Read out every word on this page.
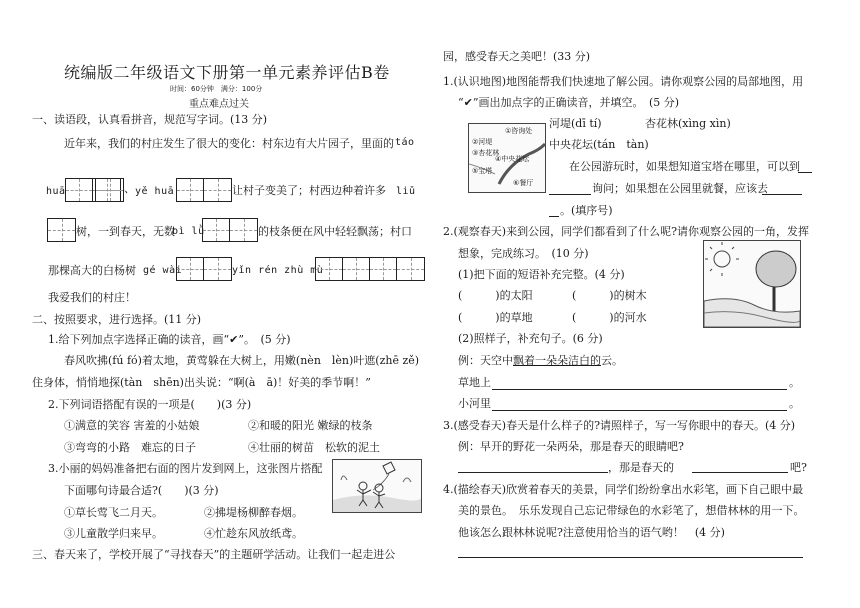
统编版二年级语文下册第一单元素养评估B卷
时间：60分钟　满分：100分
重点难点过关
一、读语段，认真看拼音，规范写字词。(13 分)
近年来，我们的村庄发生了很大的变化：村东边有大片园子，里面的 táo
huā	、 yě huā	让村子变美了；村西边种着许多 liǔ
树，一到春天，无数
bì lǜ	的枝条便在风中轻轻飘荡；村口
那棵高大的白杨树 gé wài	yǐn rén zhù mù
我爱我们的村庄！
二、按照要求，进行选择。(11 分)
1.给下列加点字选择正确的读音，画“✔”。　(5 分)
春风吹拂(fú fó)着太地，黄莺躲在大树上，用嫩(nèn　lèn)叶遮(zhē zě)
住身体，悄悄地探(tàn　shēn)出头说：“啊(à　ā)！好美的季节啊！”
2.下列词语搭配有误的一项是(　　)(3 分)
①满意的笑容 害羞的小姑娘	②和暖的阳光 嫩绿的枝条
③弯弯的小路　难忘的日子	④壮丽的树苗　松软的泥土
3.小丽的妈妈准备把右面的图片发到网上，这张图片搭配
下面哪句诗最合适?(　　)(3 分)
①草长莺飞二月天。	②拂堤杨柳醉春烟。
③儿童散学归来早。	④忙趁东风放纸鸢。
三、春天来了，学校开展了“寻找春天”的主题研学活动。让我们一起走进公
园，感受春天之美吧！(33 分)
1.(认识地图)地图能帮我们快速地了解公园。请你观察公园的局部地图，用
“✔”画出加点字的正确读音，并填空。　(5 分)
①咨询处
②河堤
③杏花林
④中央花坛
⑤宝塔
⑥餐厅
河堤(dī tí)	杏花林(xìng xìn)
中央花坛(tán　tàn)
在公园游玩时，如果想知道宝塔在哪里，可以到
询问；如果想在公园里就餐，应该去
。(填序号)
2.(观察春天)来到公园，同学们都看到了什么呢?请你观察公园的一角，发挥
想象，完成练习。　(10 分)
(1)把下面的短语补充完整。(4 分)
(　　　)的太阳	(　　　)的树木
(　　　)的草地	(　　　)的河水
(2)照样子，补充句子。(6 分)
例：天空中飘着一朵朵洁白的云。
草地上	。
小河里	。
3.(感受春天)春天是什么样子的?请照样子，写一写你眼中的春天。(4 分)
例：早开的野花一朵两朵，那是春天的眼睛吧?
，那是春天的	吧?
4.(描绘春天)欣赏着春天的美景，同学们纷纷拿出水彩笔，画下自己眼中最
美的景色。　乐乐发现自己忘记带绿色的水彩笔了，想借林林的用一下。
他该怎么跟林林说呢?注意使用恰当的语气哟！　(4 分)
